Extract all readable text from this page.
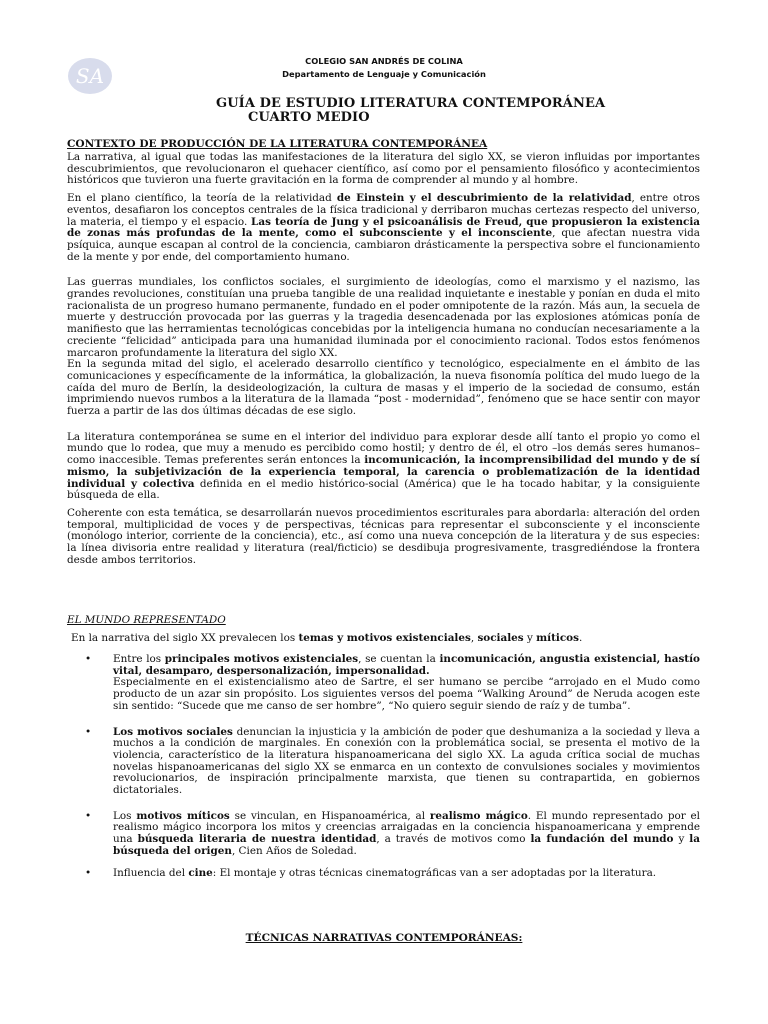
SA
COLEGIO SAN ANDRÉS DE COLINA
Departamento de Lenguaje y Comunicación
GUÍA DE ESTUDIO LITERATURA CONTEMPORÁNEA
CUARTO MEDIO
CONTEXTO DE PRODUCCIÓN DE LA LITERATURA CONTEMPORÁNEA

La narrativa, al igual que todas las manifestaciones de la literatura del siglo XX, se vieron influidas por importantes descubrimientos, que revolucionaron el quehacer científico, así como por el pensamiento filosófico y acontecimientos históricos que tuvieron una fuerte gravitación en la forma de comprender al mundo y al hombre.

En el plano científico, la teoría de la relatividad de Einstein y el descubrimiento de la relatividad, entre otros eventos, desafiaron los conceptos centrales de la física tradicional y derribaron muchas certezas respecto del universo, la materia, el tiempo y el espacio. Las teoría de Jung y el psicoanálisis de Freud, que propusieron la existencia de zonas más profundas de la mente, como el subconsciente y el inconsciente, que afectan nuestra vida psíquica, aunque escapan al control de la conciencia, cambiaron drásticamente la perspectiva sobre el funcionamiento de la mente y por ende, del comportamiento humano.

Las guerras mundiales, los conflictos sociales, el surgimiento de ideologías, como el marxismo y el nazismo, las grandes revoluciones, constituían una prueba tangible de una realidad inquietante e inestable y ponían en duda el mito racionalista de un progreso humano permanente, fundado en el poder omnipotente de la razón. Más aun, la secuela de muerte y destrucción provocada por las guerras y la tragedia desencadenada por las explosiones atómicas ponía de manifiesto que las herramientas tecnológicas concebidas por la inteligencia humana no conducían necesariamente a la creciente “felicidad” anticipada para una humanidad iluminada por el conocimiento racional. Todos estos fenómenos marcaron profundamente la literatura del siglo XX.
En la segunda mitad del siglo, el acelerado desarrollo científico y tecnológico, especialmente en el ámbito de las comunicaciones y específicamente de la informática, la globalización, la nueva fisonomía política del mudo luego de la caída del muro de Berlín, la desideologización, la cultura de masas y el imperio de la sociedad de consumo, están imprimiendo nuevos rumbos a la literatura de la llamada “post - modernidad”, fenómeno que se hace sentir con mayor fuerza a partir de las dos últimas décadas de ese siglo.

La literatura contemporánea se sume en el interior del individuo para explorar desde allí tanto el propio yo como el mundo que lo rodea, que muy a menudo es percibido como hostil; y dentro de él, el otro –los demás seres humanos– como inaccesible. Temas preferentes serán entonces la incomunicación, la incomprensibilidad del mundo y de sí mismo, la subjetivización de la experiencia temporal, la carencia o problematización de la identidad individual y colectiva definida en el medio histórico-social (América) que le ha tocado habitar, y la consiguiente búsqueda de ella.

Coherente con esta temática, se desarrollarán nuevos procedimientos escriturales para abordarla: alteración del orden temporal, multiplicidad de voces y de perspectivas, técnicas para representar el subconsciente y el inconsciente (monólogo interior, corriente de la conciencia), etc., así como una nueva concepción de la literatura y de sus especies: la línea divisoria entre realidad y literatura (real/ficticio) se desdibuja progresivamente, trasgrediéndose la frontera desde ambos territorios.

EL MUNDO REPRESENTADO

En la narrativa del siglo XX prevalecen los temas y motivos existenciales, sociales y míticos.

• Entre los principales motivos existenciales, se cuentan la incomunicación, angustia existencial, hastío vital, desamparo, despersonalización, impersonalidad.
Especialmente en el existencialismo ateo de Sartre, el ser humano se percibe “arrojado en el Mudo como producto de un azar sin propósito. Los siguientes versos del poema “Walking Around” de Neruda acogen este sin sentido: “Sucede que me canso de ser hombre”, “No quiero seguir siendo de raíz y de tumba”.
• Los motivos sociales denuncian la injusticia y la ambición de poder que deshumaniza a la sociedad y lleva a muchos a la condición de marginales. En conexión con la problemática social, se presenta el motivo de la violencia, característico de la literatura hispanoamericana del siglo XX. La aguda crítica social de muchas novelas hispanoamericanas del siglo XX se enmarca en un contexto de convulsiones sociales y movimientos revolucionarios, de inspiración principalmente marxista, que tienen su contrapartida, en gobiernos dictatoriales.
• Los motivos míticos se vinculan, en Hispanoamérica, al realismo mágico. El mundo representado por el realismo mágico incorpora los mitos y creencias arraigadas en la conciencia hispanoamericana y emprende una búsqueda literaria de nuestra identidad, a través de motivos como la fundación del mundo y la búsqueda del origen, Cien Años de Soledad.
• Influencia del cine: El montaje y otras técnicas cinematográficas van a ser adoptadas por la literatura.
TÉCNICAS NARRATIVAS CONTEMPORÁNEAS:
